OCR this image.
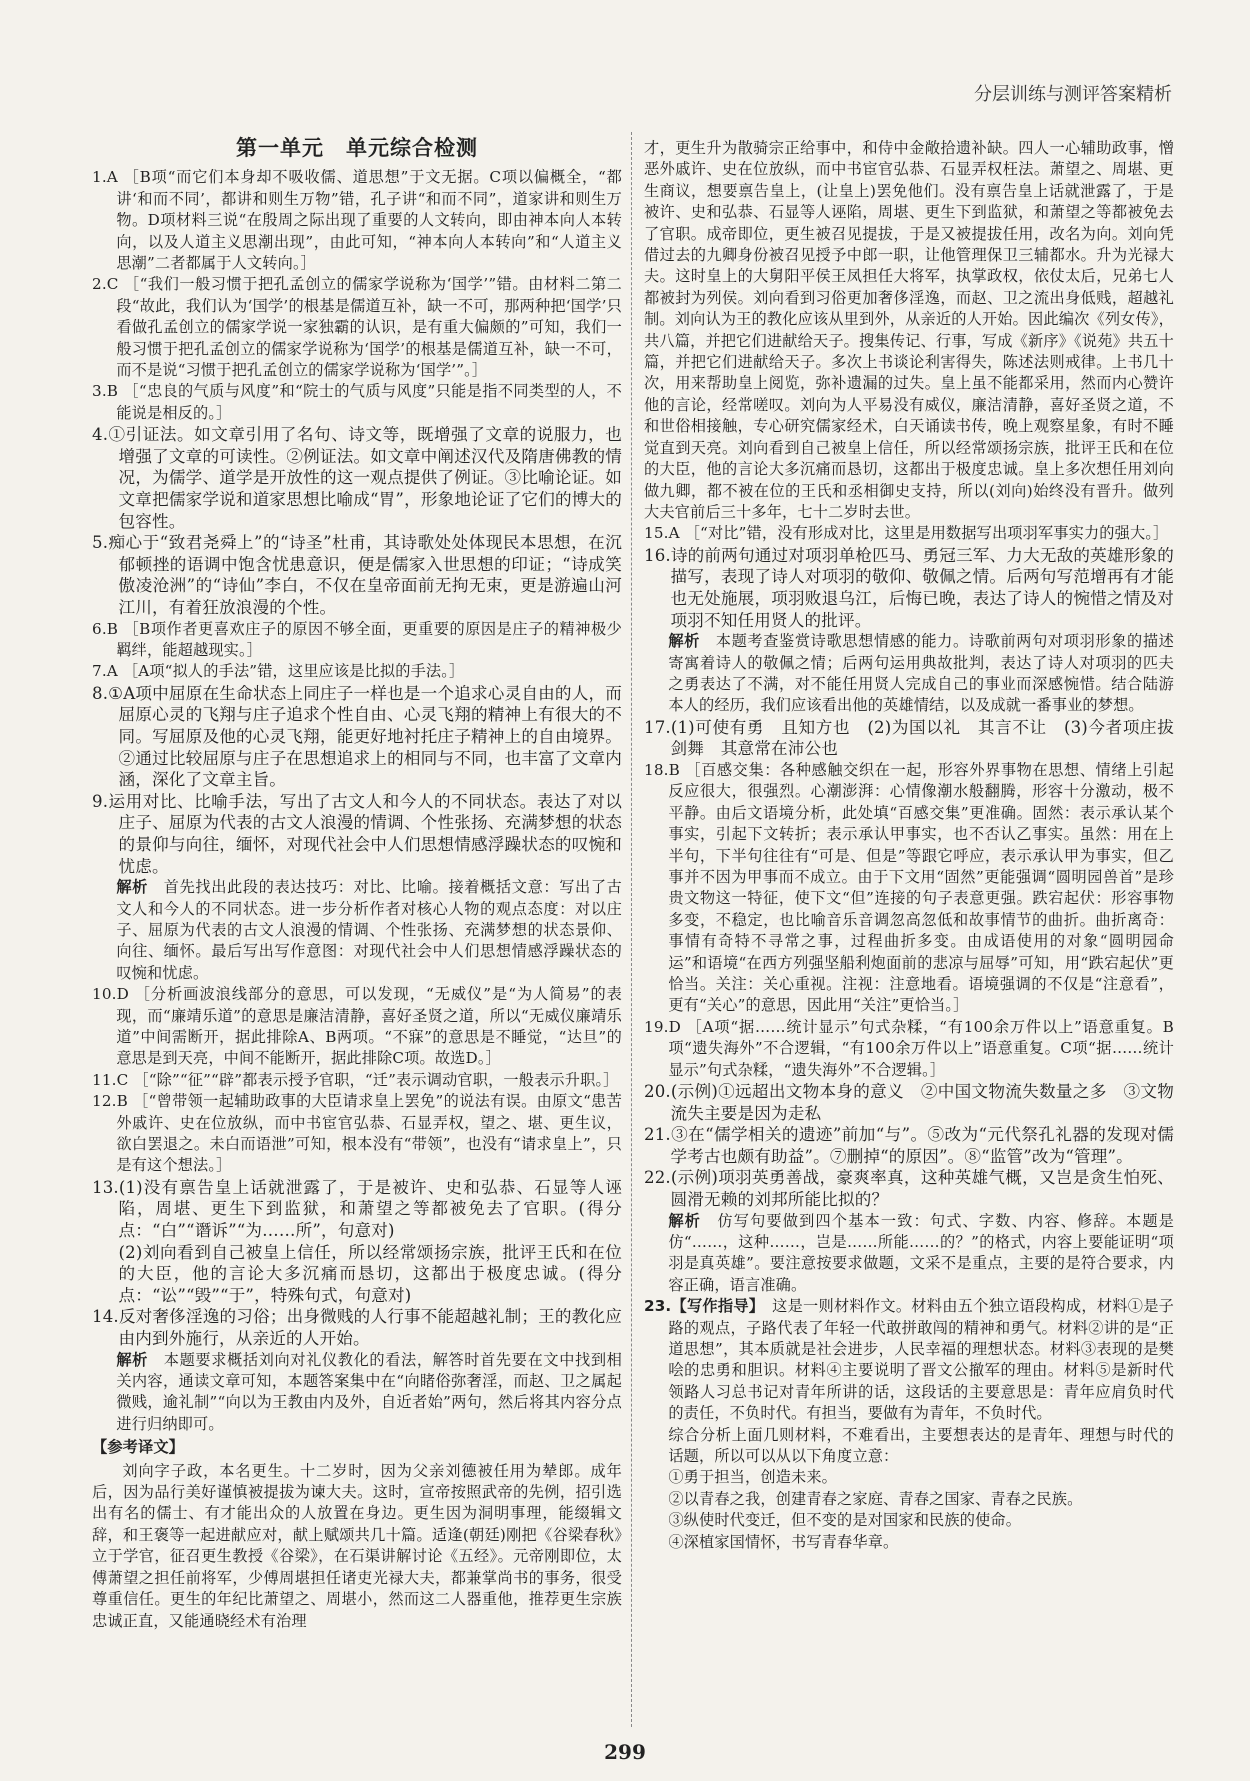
分层训练与测评答案精析
第一单元　单元综合检测

1.A ［B项“而它们本身却不吸收儒、道思想”于文无据。C项以偏概全，“都讲‘和而不同’，都讲和则生万物”错，孔子讲“和而不同”，道家讲和则生万物。D项材料三说“在殷周之际出现了重要的人文转向，即由神本向人本转向，以及人道主义思潮出现”，由此可知，“神本向人本转向”和“人道主义思潮”二者都属于人文转向。］

2.C ［“我们一般习惯于把孔孟创立的儒家学说称为‘国学’”错。由材料二第二段“故此，我们认为‘国学’的根基是儒道互补，缺一不可，那两种把‘国学’只看做孔孟创立的儒家学说一家独霸的认识，是有重大偏颇的”可知，我们一般习惯于把孔孟创立的儒家学说称为‘国学’的根基是儒道互补，缺一不可，而不是说“习惯于把孔孟创立的儒家学说称为‘国学’”。］

3.B ［“忠良的气质与风度”和“院士的气质与风度”只能是指不同类型的人，不能说是相反的。］

4.①引证法。如文章引用了名句、诗文等，既增强了文章的说服力，也增强了文章的可读性。②例证法。如文章中阐述汉代及隋唐佛教的情况，为儒学、道学是开放性的这一观点提供了例证。③比喻论证。如文章把儒家学说和道家思想比喻成“胃”，形象地论证了它们的博大的包容性。

5.痴心于“致君尧舜上”的“诗圣”杜甫，其诗歌处处体现民本思想，在沉郁顿挫的语调中饱含忧患意识，便是儒家入世思想的印证；“诗成笑傲凌沧洲”的“诗仙”李白，不仅在皇帝面前无拘无束，更是游遍山河江川，有着狂放浪漫的个性。

6.B ［B项作者更喜欢庄子的原因不够全面，更重要的原因是庄子的精神极少羁绊，能超越现实。］

7.A ［A项“拟人的手法”错，这里应该是比拟的手法。］

8.①A项中屈原在生命状态上同庄子一样也是一个追求心灵自由的人，而屈原心灵的飞翔与庄子追求个性自由、心灵飞翔的精神上有很大的不同。写屈原及他的心灵飞翔，能更好地衬托庄子精神上的自由境界。②通过比较屈原与庄子在思想追求上的相同与不同，也丰富了文章内涵，深化了文章主旨。

9.运用对比、比喻手法，写出了古文人和今人的不同状态。表达了对以庄子、屈原为代表的古文人浪漫的情调、个性张扬、充满梦想的状态的景仰与向往，缅怀，对现代社会中人们思想情感浮躁状态的叹惋和忧虑。

解析　 首先找出此段的表达技巧：对比、比喻。接着概括文意：写出了古文人和今人的不同状态。进一步分析作者对核心人物的观点态度：对以庄子、屈原为代表的古文人浪漫的情调、个性张扬、充满梦想的状态景仰、向往、缅怀。最后写出写作意图：对现代社会中人们思想情感浮躁状态的叹惋和忧虑。

10.D ［分析画波浪线部分的意思，可以发现，“无威仪”是“为人简易”的表现，而“廉靖乐道”的意思是廉洁清静，喜好圣贤之道，所以“无威仪廉靖乐道”中间需断开，据此排除A、B两项。“不寐”的意思是不睡觉，“达旦”的意思是到天亮，中间不能断开，据此排除C项。故选D。］

11.C ［“除”“征”“辟”都表示授予官职，“迁”表示调动官职，一般表示升职。］

12.B ［“曾带领一起辅助政事的大臣请求皇上罢免”的说法有误。由原文“患苦外戚许、史在位放纵，而中书宦官弘恭、石显弄权，望之、堪、更生议，欲白罢退之。未白而语泄”可知，根本没有“带领”，也没有“请求皇上”，只是有这个想法。］

13.(1)没有禀告皇上话就泄露了，于是被许、史和弘恭、石显等人诬陷，周堪、更生下到监狱，和萧望之等都被免去了官职。(得分点：“白”“谮诉”“为……所”，句意对)

(2)刘向看到自己被皇上信任，所以经常颂扬宗族，批评王氏和在位的大臣，他的言论大多沉痛而恳切，这都出于极度忠诚。(得分点：“讼”“毁”“于”，特殊句式，句意对)

14.反对奢侈淫逸的习俗；出身微贱的人行事不能超越礼制；王的教化应由内到外施行，从亲近的人开始。

解析　 本题要求概括刘向对礼仪教化的看法，解答时首先要在文中找到相关内容，通读文章可知，本题答案集中在“向睹俗弥奢淫，而赵、卫之属起微贱，逾礼制”“向以为王教由内及外，自近者始”两句，然后将其内容分点进行归纳即可。

【参考译文】

刘向字子政，本名更生。十二岁时，因为父亲刘德被任用为辇郎。成年后，因为品行美好谨慎被提拔为谏大夫。这时，宣帝按照武帝的先例，招引选出有名的儒士、有才能出众的人放置在身边。更生因为洞明事理，能缀辑文辞，和王褒等一起进献应对，献上赋颂共几十篇。适逢(朝廷)刚把《谷梁春秋》立于学官，征召更生教授《谷梁》，在石渠讲解讨论《五经》。元帝刚即位，太傅萧望之担任前将军，少傅周堪担任诸吏光禄大夫，都兼掌尚书的事务，很受尊重信任。更生的年纪比萧望之、周堪小，然而这二人器重他，推荐更生宗族忠诚正直，又能通晓经术有治理

才，更生升为散骑宗正给事中，和侍中金敞拾遗补缺。四人一心辅助政事，憎恶外戚许、史在位放纵，而中书宦官弘恭、石显弄权枉法。萧望之、周堪、更生商议，想要禀告皇上，(让皇上)罢免他们。没有禀告皇上话就泄露了，于是被许、史和弘恭、石显等人诬陷，周堪、更生下到监狱，和萧望之等都被免去了官职。成帝即位，更生被召见提拔，于是又被提拔任用，改名为向。刘向凭借过去的九卿身份被召见授予中郎一职，让他管理保卫三辅都水。升为光禄大夫。这时皇上的大舅阳平侯王凤担任大将军，执掌政权，依仗太后，兄弟七人都被封为列侯。刘向看到习俗更加奢侈淫逸，而赵、卫之流出身低贱，超越礼制。刘向认为王的教化应该从里到外，从亲近的人开始。因此编次《列女传》，共八篇，并把它们进献给天子。搜集传记、行事，写成《新序》《说苑》共五十篇，并把它们进献给天子。多次上书谈论利害得失，陈述法则戒律。上书几十次，用来帮助皇上阅览，弥补遗漏的过失。皇上虽不能都采用，然而内心赞许他的言论，经常嗟叹。刘向为人平易没有威仪，廉洁清静，喜好圣贤之道，不和世俗相接触，专心研究儒家经术，白天诵读书传，晚上观察星象，有时不睡觉直到天亮。刘向看到自己被皇上信任，所以经常颂扬宗族，批评王氏和在位的大臣，他的言论大多沉痛而恳切，这都出于极度忠诚。皇上多次想任用刘向做九卿，都不被在位的王氏和丞相御史支持，所以(刘向)始终没有晋升。做列大夫官前后三十多年，七十二岁时去世。

15.A ［“对比”错，没有形成对比，这里是用数据写出项羽军事实力的强大。］

16.诗的前两句通过对项羽单枪匹马、勇冠三军、力大无敌的英雄形象的描写，表现了诗人对项羽的敬仰、敬佩之情。后两句写范增再有才能也无处施展，项羽败退乌江，后悔已晚，表达了诗人的惋惜之情及对项羽不知任用贤人的批评。

解析　 本题考查鉴赏诗歌思想情感的能力。诗歌前两句对项羽形象的描述寄寓着诗人的敬佩之情；后两句运用典故批判，表达了诗人对项羽的匹夫之勇表达了不满，对不能任用贤人完成自己的事业而深感惋惜。结合陆游本人的经历，我们应该看出他的英雄情结，以及成就一番事业的梦想。

17.(1)可使有勇　且知方也　(2)为国以礼　其言不让　(3)今者项庄拔剑舞　其意常在沛公也

18.B ［百感交集：各种感触交织在一起，形容外界事物在思想、情绪上引起反应很大，很强烈。心潮澎湃：心情像潮水般翻腾，形容十分激动，极不平静。由后文语境分析，此处填“百感交集”更准确。固然：表示承认某个事实，引起下文转折；表示承认甲事实，也不否认乙事实。虽然：用在上半句，下半句往往有“可是、但是”等跟它呼应，表示承认甲为事实，但乙事并不因为甲事而不成立。由于下文用“固然”更能强调“圆明园兽首”是珍贵文物这一特征，使下文“但”连接的句子表意更强。跌宕起伏：形容事物多变，不稳定，也比喻音乐音调忽高忽低和故事情节的曲折。曲折离奇：事情有奇特不寻常之事，过程曲折多变。由成语使用的对象“圆明园命运”和语境“在西方列强坚船利炮面前的悲凉与屈辱”可知，用“跌宕起伏”更恰当。关注：关心重视。注视：注意地看。语境强调的不仅是“注意看”，更有“关心”的意思，因此用“关注”更恰当。］

19.D ［A项“据……统计显示”句式杂糅，“有100余万件以上”语意重复。B项“遗失海外”不合逻辑，“有100余万件以上”语意重复。C项“据……统计显示”句式杂糅，“遗失海外”不合逻辑。］

20.(示例)①远超出文物本身的意义　②中国文物流失数量之多　③文物流失主要是因为走私

21.③在“儒学相关的遗迹”前加“与”。⑤改为“元代祭孔礼器的发现对儒学考古也颇有助益”。⑦删掉“的原因”。⑧“监管”改为“管理”。

22.(示例)项羽英勇善战，豪爽率真，这种英雄气概，又岂是贪生怕死、圆滑无赖的刘邦所能比拟的？

解析　 仿写句要做到四个基本一致：句式、字数、内容、修辞。本题是仿“……，这种……，岂是……所能……的？”的格式，内容上要能证明“项羽是真英雄”。要注意按要求做题，文采不是重点，主要的是符合要求，内容正确，语言准确。

23.【写作指导】　 这是一则材料作文。材料由五个独立语段构成，材料①是子路的观点，子路代表了年轻一代敢拼敢闯的精神和勇气。材料②讲的是“正道思想”，其本质就是社会进步，人民幸福的理想状态。材料③表现的是樊哙的忠勇和胆识。材料④主要说明了晋文公撤军的理由。材料⑤是新时代领路人习总书记对青年所讲的话，这段话的主要意思是：青年应肩负时代的责任，不负时代。有担当，要做有为青年，不负时代。

综合分析上面几则材料，不难看出，主要想表达的是青年、理想与时代的话题，所以可以从以下角度立意：

①勇于担当，创造未来。

②以青春之我，创建青春之家庭、青春之国家、青春之民族。

③纵使时代变迁，但不变的是对国家和民族的使命。

④深植家国情怀，书写青春华章。

299
